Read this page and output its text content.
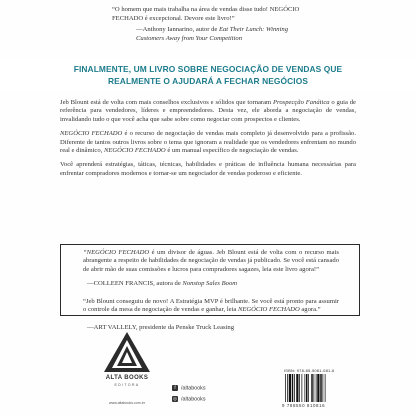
“O homem que mais trabalha na área de vendas disse tudo! NEGÓCIO FECHADO é excepcional. Devore este livro!”
—Anthony Iannarino, autor de Eat Their Lunch: Winning Customers Away from Your Competition
FINALMENTE, UM LIVRO SOBRE NEGOCIAÇÃO DE VENDAS QUE REALMENTE O AJUDARÁ A FECHAR NEGÓCIOS

Jeb Blount está de volta com mais conselhos exclusivos e sólidos que tornaram Prospecção Fanática o guia de referência para vendedores, líderes e empreendedores. Desta vez, ele aborda a negociação de vendas, invalidando tudo o que você acha que sabe sobre como negociar com prospectos e clientes.

NEGÓCIO FECHADO é o recurso de negociação de vendas mais completo já desenvolvido para a profissão. Diferente de tantos outros livros sobre o tema que ignoram a realidade que os vendedores enfrentam no mundo real e dinâmico, NEGÓCIO FECHADO é um manual específico de negociação de vendas.

Você aprenderá estratégias, táticas, técnicas, habilidades e práticas de influência humana necessárias para enfrentar compradores modernos e tornar-se um negociador de vendas poderoso e eficiente.

“NEGÓCIO FECHADO é um divisor de águas. Jeb Blount está de volta com o recurso mais abrangente a respeito de habilidades de negociação de vendas já publicado. Se você está cansado de abrir mão de suas comissões e lucros para compradores sagazes, leia este livro agora!”
—COLLEEN FRANCIS, autora de Nonstop Sales Boom
“Jeb Blount conseguiu de novo! A Estratégia MVP é brilhante. Se você está pronto para assumir o controle da mesa de negociação de vendas e ganhar, leia NEGÓCIO FECHADO agora.”
—ART VALLELY, presidente da Penske Truck Leasing
ALTA BOOKS
EDITORA
www.altabooks.com.br
f /altabooks
◎ /altabooks
ISBN: 978-85-5081-081-6
9 788550 810816
